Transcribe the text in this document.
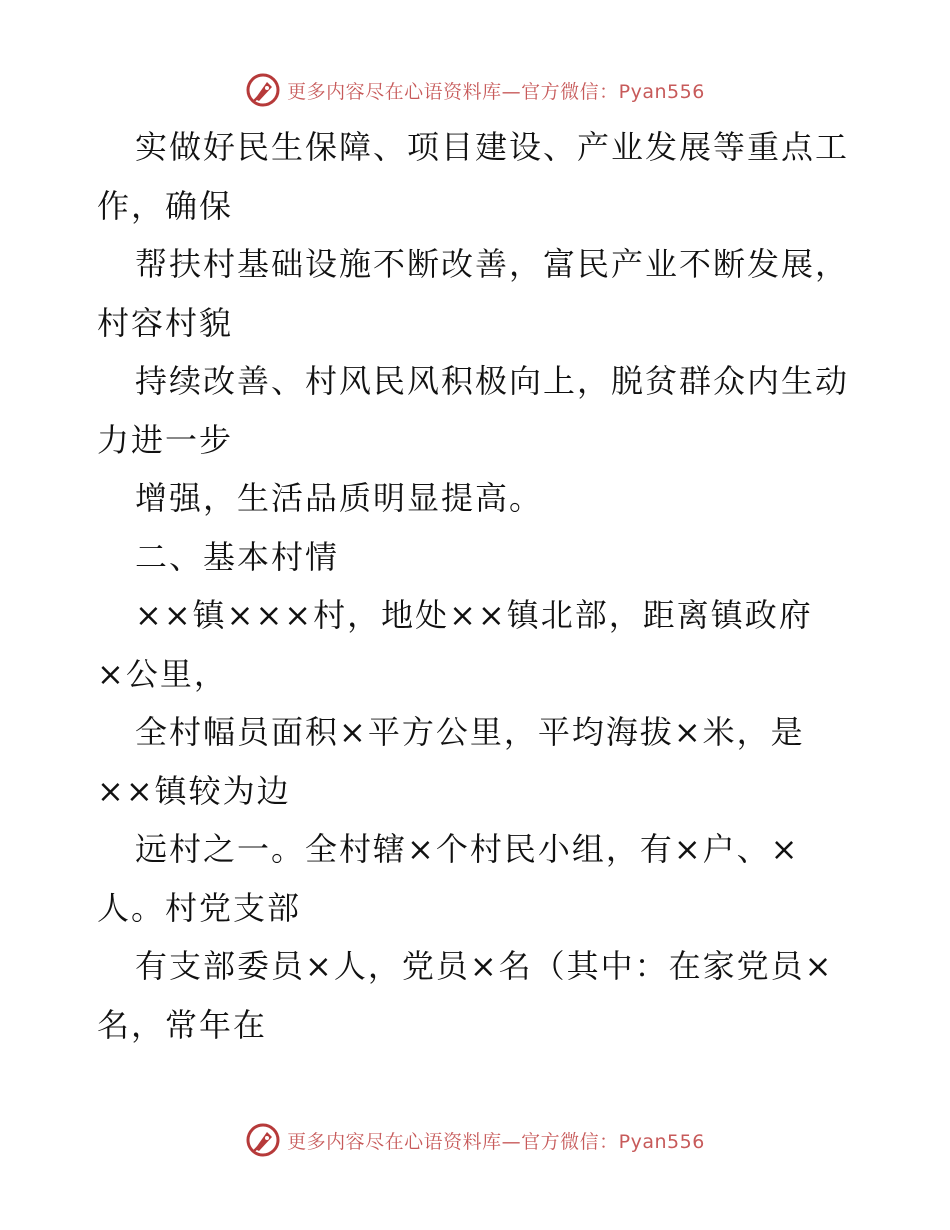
更多内容尽在心语资料库—官方微信：Pyan556
实做好民生保障、项目建设、产业发展等重点工
作，确保
帮扶村基础设施不断改善，富民产业不断发展，
村容村貌
持续改善、村风民风积极向上，脱贫群众内生动
力进一步
增强，生活品质明显提高。
二、基本村情
××镇×××村，地处××镇北部，距离镇政府
×公里，
全村幅员面积×平方公里，平均海拔×米，是
××镇较为边
远村之一。全村辖×个村民小组，有×户、×
人。村党支部
有支部委员×人，党员×名（其中：在家党员×
名，常年在
更多内容尽在心语资料库—官方微信：Pyan556
